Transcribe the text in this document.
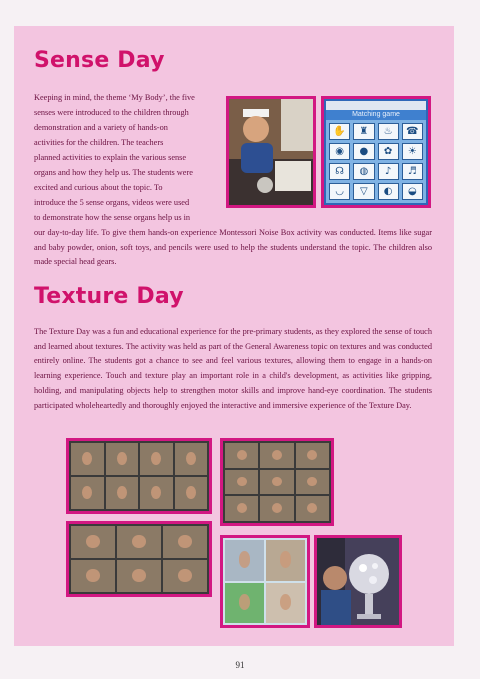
Sense Day

Keeping in mind, the theme ‘My Body’, the five

senses were introduced to the children through

demonstration and a variety of hands-on

activities for the children. The teachers

planned activities to explain the various sense

organs and how they help us. The students were

excited and curious about the topic. To

introduce the 5 sense organs, videos were used

to demonstrate how the sense organs help us in

Matching game
✋	♜	♨	☎
◉	●	✿	☀
☊	◍	♪	♬
◡	▽	◐	◒

our day-to-day life. To give them hands-on experience Montessori Noise Box activity was conducted. Items like sugar and baby powder, onion, soft toys, and pencils were used to help the students understand the topic. The children also made special head gears.

Texture Day

The Texture Day was a fun and educational experience for the pre-primary students, as they explored the sense of touch and learned about textures. The activity was held as part of the General Awareness topic on textures and was conducted entirely online. The students got a chance to see and feel various textures, allowing them to engage in a hands-on learning experience. Touch and texture play an important role in a child's development, as activities like gripping, holding, and manipulating objects help to strengthen motor skills and improve hand-eye coordination. The students participated wholeheartedly and thoroughly enjoyed the interactive and immersive experience of the Texture Day.

91
